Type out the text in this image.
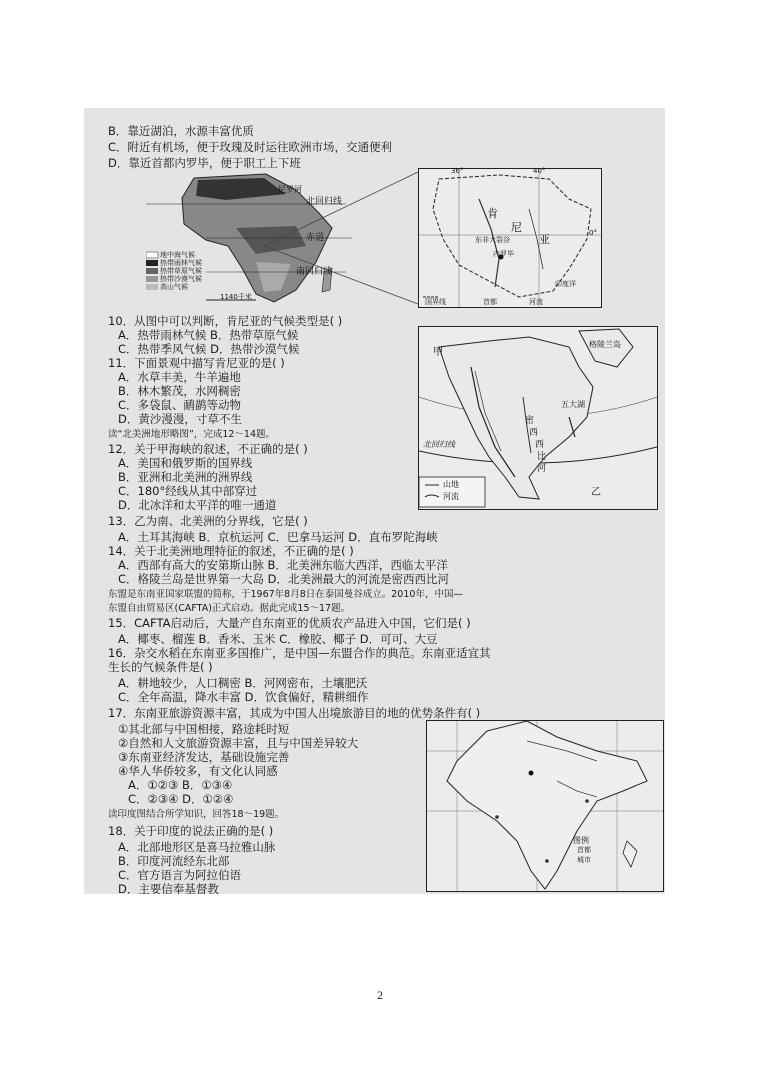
B．靠近湖泊，水源丰富优质
C．附近有机场，便于玫瑰及时运往欧洲市场，交通便利
D．靠近首都内罗毕，便于职工上下班
北回归线
尼罗河
赤道
南回归线
地中海气候
热带雨林气候
热带草原气候
热带沙漠气候
高山气候
1140千米
肯
尼
亚
东非大裂谷
内罗毕
印度洋
36°	40°
0°
国界线	首都	河流
甲
格陵兰岛
五大湖
密
西
西
比
河
乙
北回归线
山地
河流
图例
首都
城市
10．从图中可以判断，肯尼亚的气候类型是( )
A．热带雨林气候 B．热带草原气候
C．热带季风气候 D．热带沙漠气候
11．下面景观中描写肯尼亚的是( )
A．水草丰美，牛羊遍地
B．林木繁茂，水网稠密
C．多袋鼠、鸸鹋等动物
D．黄沙漫漫，寸草不生
读“北美洲地形略图”，完成12～14题。
12．关于甲海峡的叙述，不正确的是( )
A．美国和俄罗斯的国界线
B．亚洲和北美洲的洲界线
C．180°经线从其中部穿过
D．北冰洋和太平洋的唯一通道
13．乙为南、北美洲的分界线，它是( )
A．土耳其海峡 B．京杭运河 C．巴拿马运河 D．直布罗陀海峡
14．关于北美洲地理特征的叙述，不正确的是( )
A．西部有高大的安第斯山脉 B．北美洲东临大西洋，西临太平洋
C．格陵兰岛是世界第一大岛 D．北美洲最大的河流是密西西比河
东盟是东南亚国家联盟的简称，于1967年8月8日在泰国曼谷成立。2010年，中国—
东盟自由贸易区(CAFTA)正式启动。据此完成15～17题。
15．CAFTA启动后，大量产自东南亚的优质农产品进入中国，它们是( )
A．椰枣、榴莲 B．香米、玉米 C．橡胶、椰子 D．可可、大豆
16．杂交水稻在东南亚多国推广，是中国—东盟合作的典范。东南亚适宜其
生长的气候条件是( )
A．耕地较少，人口稠密 B．河网密布，土壤肥沃
C．全年高温，降水丰富 D．饮食偏好，精耕细作
17．东南亚旅游资源丰富，其成为中国人出境旅游目的地的优势条件有( )
①其北部与中国相接，路途耗时短
②自然和人文旅游资源丰富，且与中国差异较大
③东南亚经济发达，基础设施完善
④华人华侨较多，有文化认同感
A．①②③ B．①③④
C．②③④ D．①②④
读印度图结合所学知识，回答18～19题。
18．关于印度的说法正确的是( )
A．北部地形区是喜马拉雅山脉
B．印度河流经东北部
C．官方语言为阿拉伯语
D．主要信奉基督教
2
